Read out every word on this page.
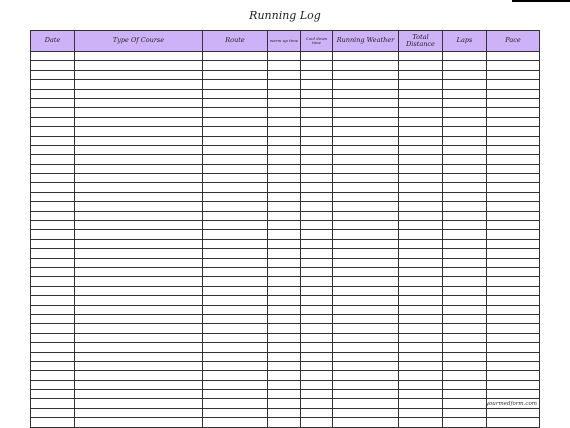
Running Log
Date	Type Of Course	Route	warm up time	Cool down time	Running Weather	Total Distance	Laps	Pace

yourmedform.com
